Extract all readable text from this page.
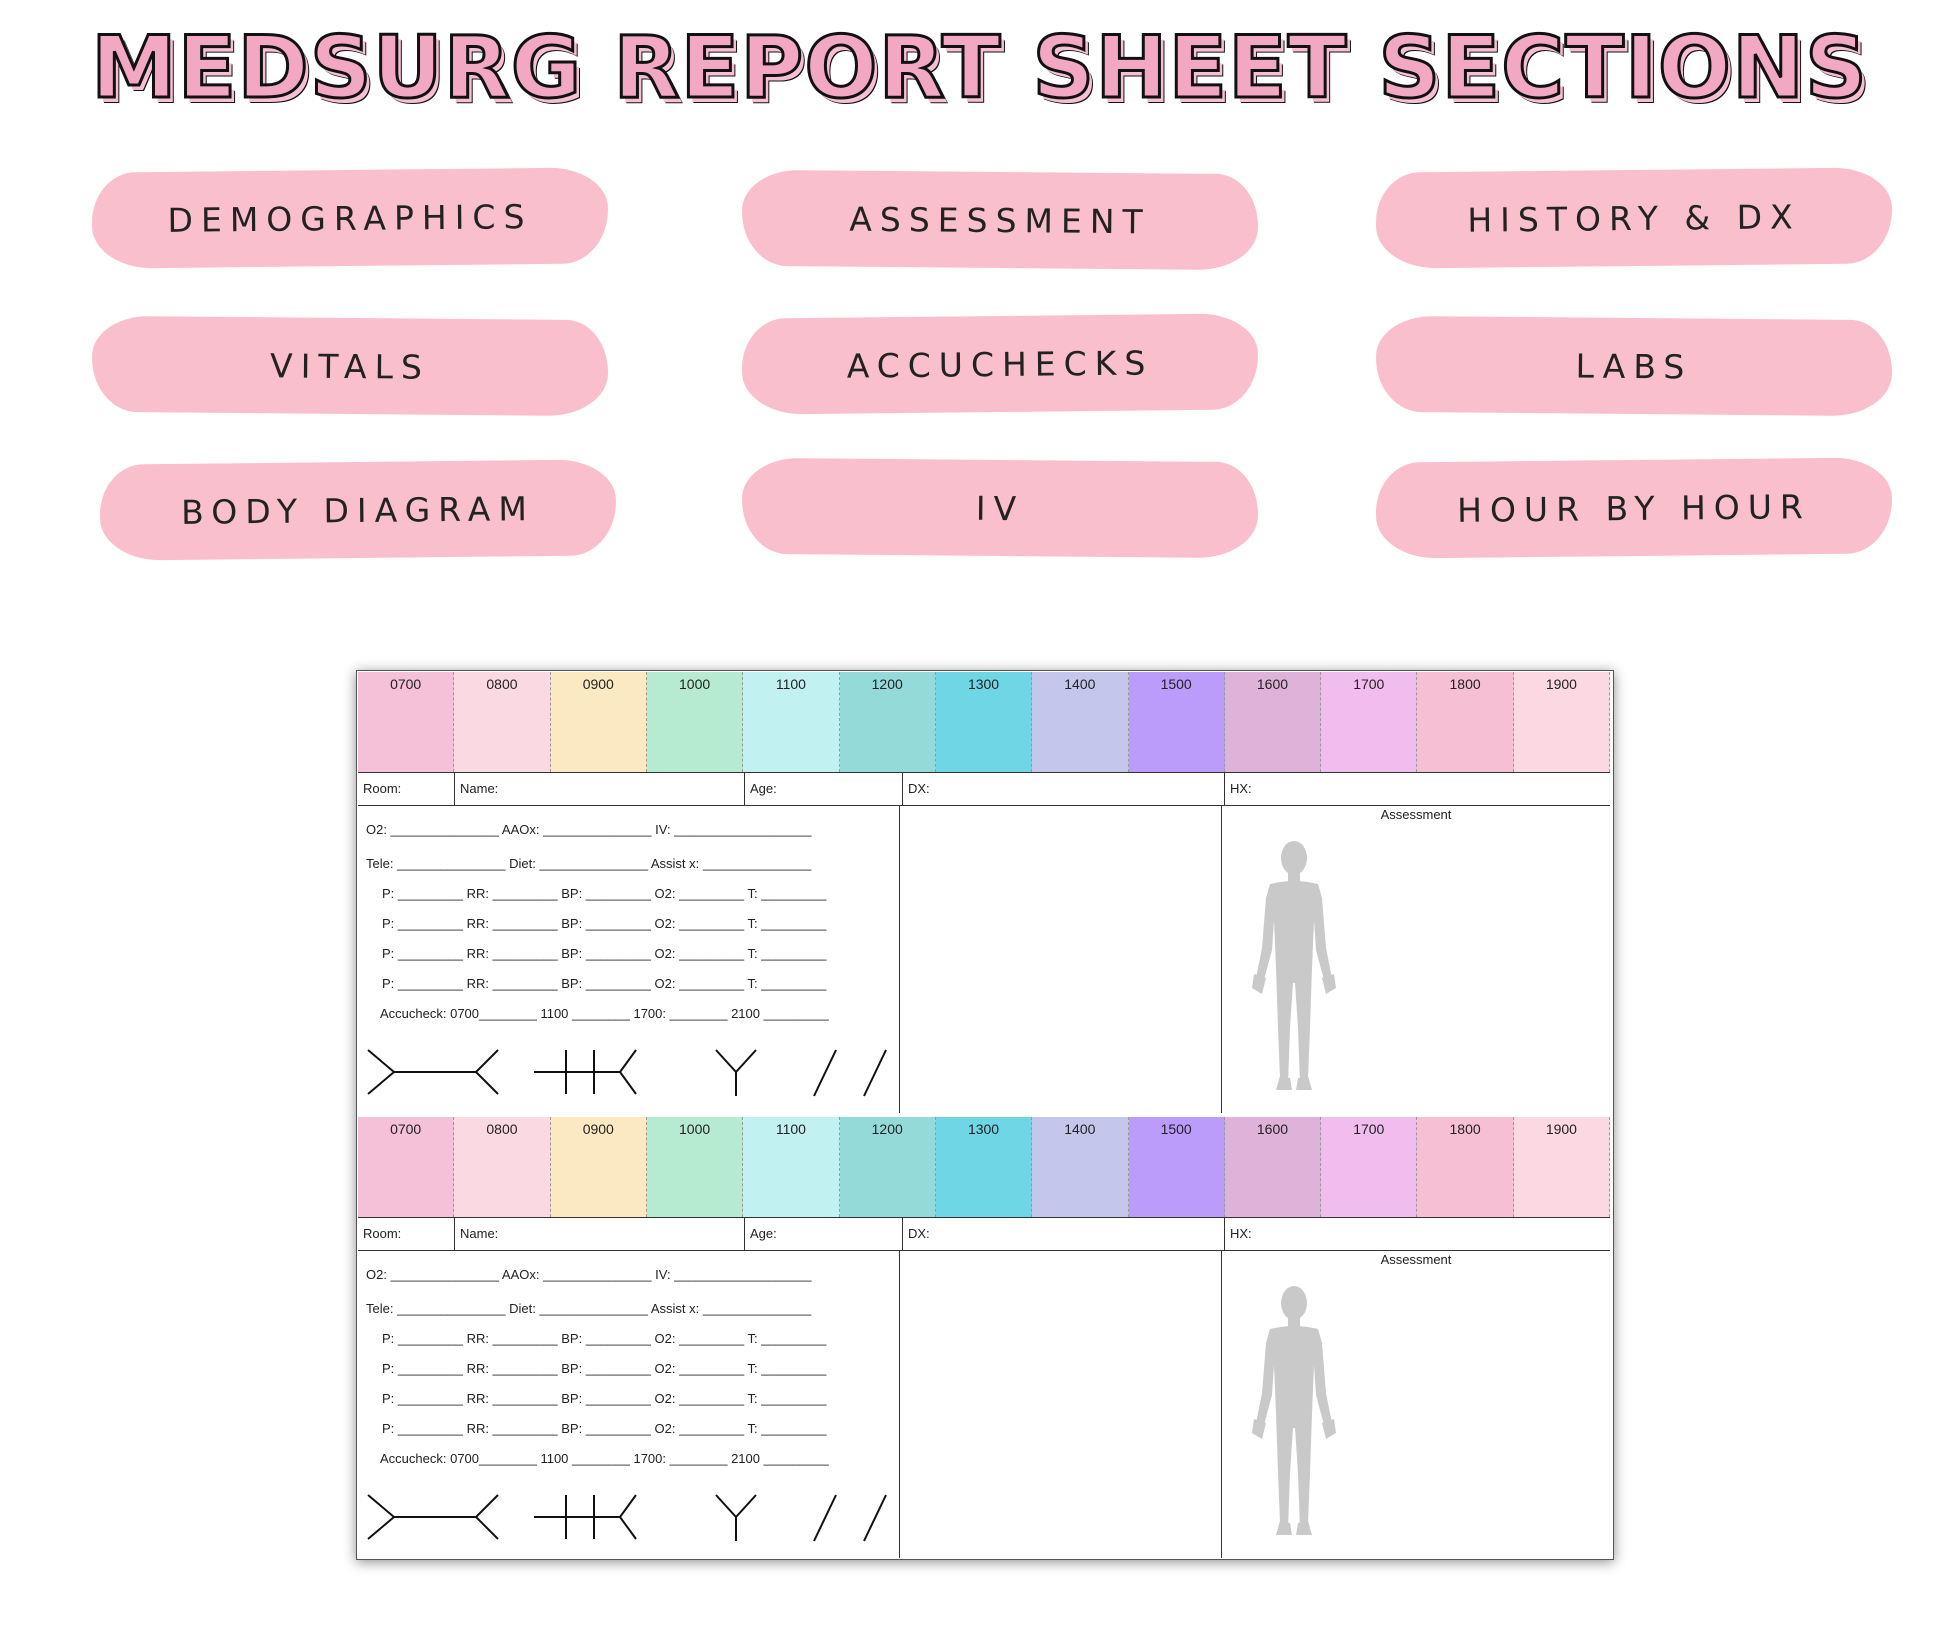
MEDSURG REPORT SHEET SECTIONS
DEMOGRAPHICS	ASSESSMENT	HISTORY & DX
VITALS	ACCUCHECKS	LABS
BODY DIAGRAM	IV	HOUR BY HOUR
0700	0800	0900	1000	1100	1200	1300	1400	1500	1600	1700	1800	1900
Room:	Name:	Age:	DX:	HX:
O2: _______________ AAOx: _______________ IV: ___________________
Tele: _______________ Diet: _______________ Assist x: _______________
P: _________ RR: _________ BP: _________ O2: _________ T: _________
P: _________ RR: _________ BP: _________ O2: _________ T: _________
P: _________ RR: _________ BP: _________ O2: _________ T: _________
P: _________ RR: _________ BP: _________ O2: _________ T: _________
Accucheck: 0700________ 1100 ________ 1700: ________ 2100 _________
Assessment
0700	0800	0900	1000	1100	1200	1300	1400	1500	1600	1700	1800	1900
Room:	Name:	Age:	DX:	HX:
O2: _______________ AAOx: _______________ IV: ___________________
Tele: _______________ Diet: _______________ Assist x: _______________
P: _________ RR: _________ BP: _________ O2: _________ T: _________
P: _________ RR: _________ BP: _________ O2: _________ T: _________
P: _________ RR: _________ BP: _________ O2: _________ T: _________
P: _________ RR: _________ BP: _________ O2: _________ T: _________
Accucheck: 0700________ 1100 ________ 1700: ________ 2100 _________
Assessment
